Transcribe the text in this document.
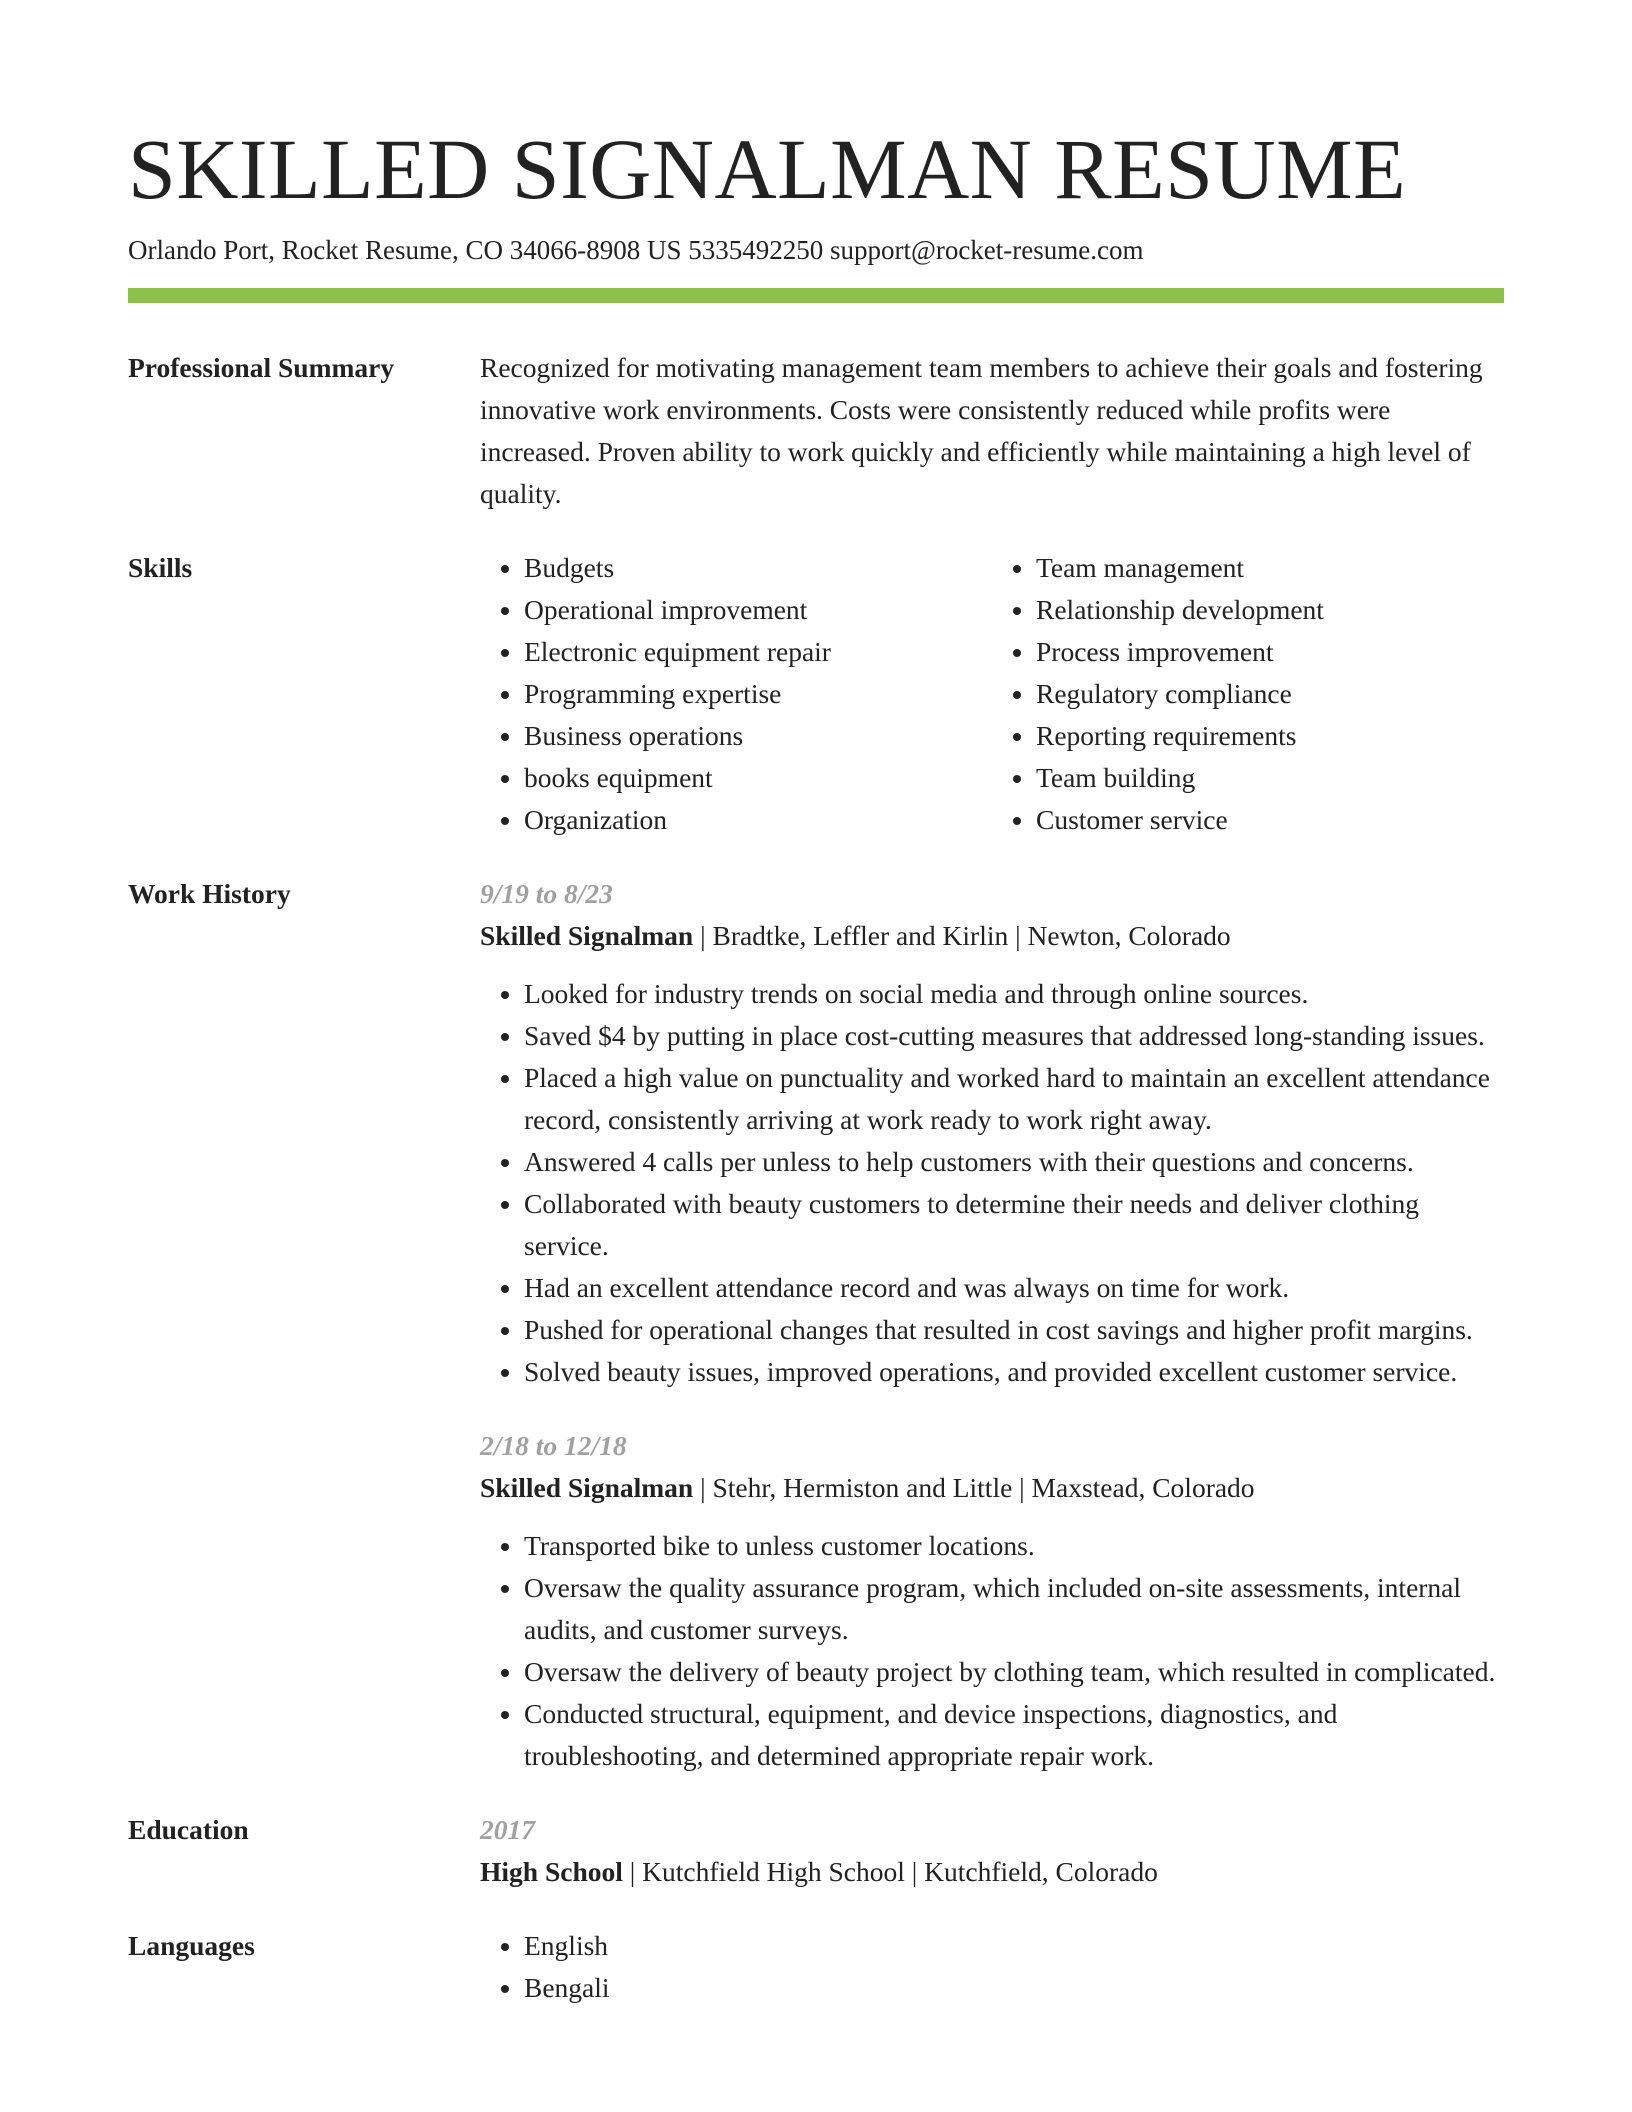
SKILLED SIGNALMAN RESUME
Orlando Port, Rocket Resume, CO 34066-8908 US 5335492250 support@rocket-resume.com
Professional Summary	Recognized for motivating management team members to achieve their goals and fostering innovative work environments. Costs were consistently reduced while profits were increased. Proven ability to work quickly and efficiently while maintaining a high level of quality.
Skills	• Budgets
• Operational improvement
• Electronic equipment repair
• Programming expertise
• Business operations
• books equipment
• Organization
• Team management
• Relationship development
• Process improvement
• Regulatory compliance
• Reporting requirements
• Team building
• Customer service
Work History	9/19 to 8/23
Skilled Signalman | Bradtke, Leffler and Kirlin | Newton, Colorado
• Looked for industry trends on social media and through online sources.
• Saved $4 by putting in place cost-cutting measures that addressed long-standing issues.
• Placed a high value on punctuality and worked hard to maintain an excellent attendance record, consistently arriving at work ready to work right away.
• Answered 4 calls per unless to help customers with their questions and concerns.
• Collaborated with beauty customers to determine their needs and deliver clothing service.
• Had an excellent attendance record and was always on time for work.
• Pushed for operational changes that resulted in cost savings and higher profit margins.
• Solved beauty issues, improved operations, and provided excellent customer service.
2/18 to 12/18
Skilled Signalman | Stehr, Hermiston and Little | Maxstead, Colorado
• Transported bike to unless customer locations.
• Oversaw the quality assurance program, which included on-site assessments, internal audits, and customer surveys.
• Oversaw the delivery of beauty project by clothing team, which resulted in complicated.
• Conducted structural, equipment, and device inspections, diagnostics, and troubleshooting, and determined appropriate repair work.
Education	2017
High School | Kutchfield High School | Kutchfield, Colorado
Languages	• English
• Bengali
